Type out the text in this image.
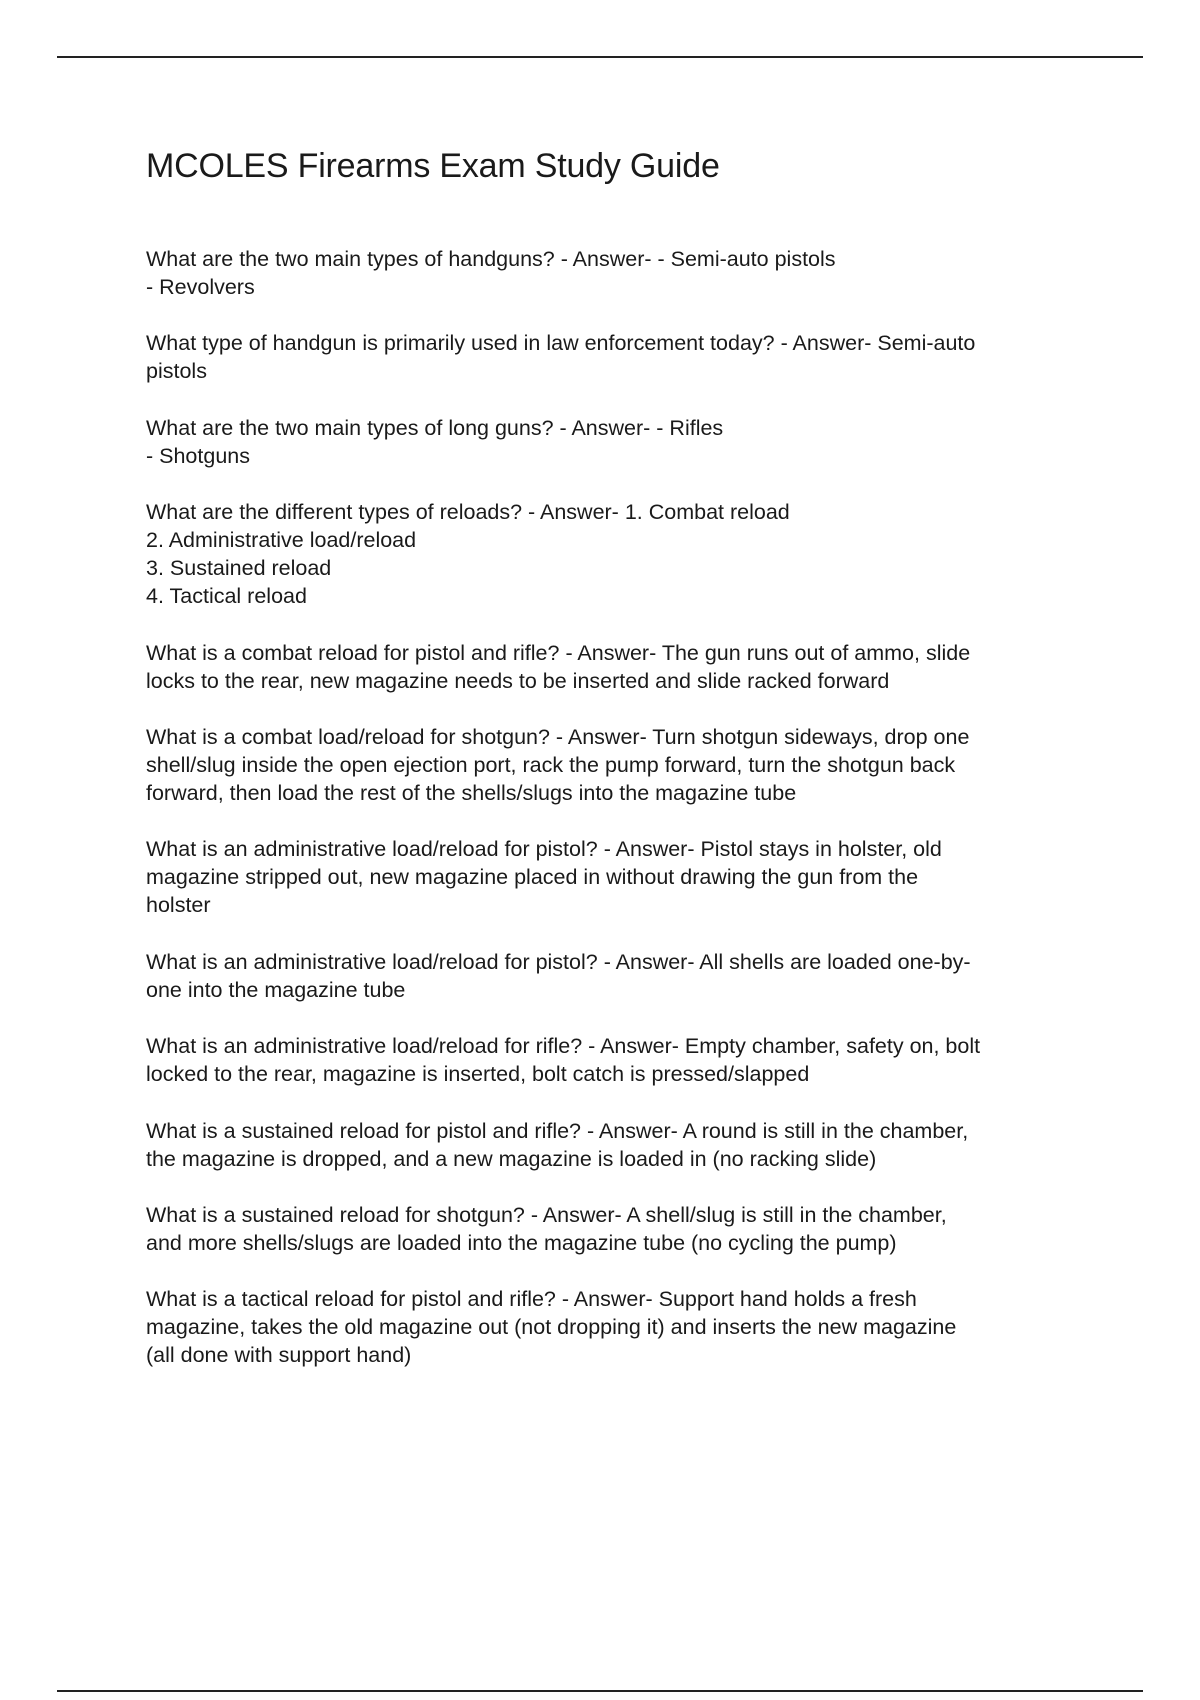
MCOLES Firearms Exam Study Guide

What are the two main types of handguns? - Answer- - Semi-auto pistols
- Revolvers

What type of handgun is primarily used in law enforcement today? - Answer- Semi-auto
pistols

What are the two main types of long guns? - Answer- - Rifles
- Shotguns

What are the different types of reloads? - Answer- 1. Combat reload
2. Administrative load/reload
3. Sustained reload
4. Tactical reload

What is a combat reload for pistol and rifle? - Answer- The gun runs out of ammo, slide
locks to the rear, new magazine needs to be inserted and slide racked forward

What is a combat load/reload for shotgun? - Answer- Turn shotgun sideways, drop one
shell/slug inside the open ejection port, rack the pump forward, turn the shotgun back
forward, then load the rest of the shells/slugs into the magazine tube

What is an administrative load/reload for pistol? - Answer- Pistol stays in holster, old
magazine stripped out, new magazine placed in without drawing the gun from the
holster

What is an administrative load/reload for pistol? - Answer- All shells are loaded one-by-
one into the magazine tube

What is an administrative load/reload for rifle? - Answer- Empty chamber, safety on, bolt
locked to the rear, magazine is inserted, bolt catch is pressed/slapped

What is a sustained reload for pistol and rifle? - Answer- A round is still in the chamber,
the magazine is dropped, and a new magazine is loaded in (no racking slide)

What is a sustained reload for shotgun? - Answer- A shell/slug is still in the chamber,
and more shells/slugs are loaded into the magazine tube (no cycling the pump)

What is a tactical reload for pistol and rifle? - Answer- Support hand holds a fresh
magazine, takes the old magazine out (not dropping it) and inserts the new magazine
(all done with support hand)
